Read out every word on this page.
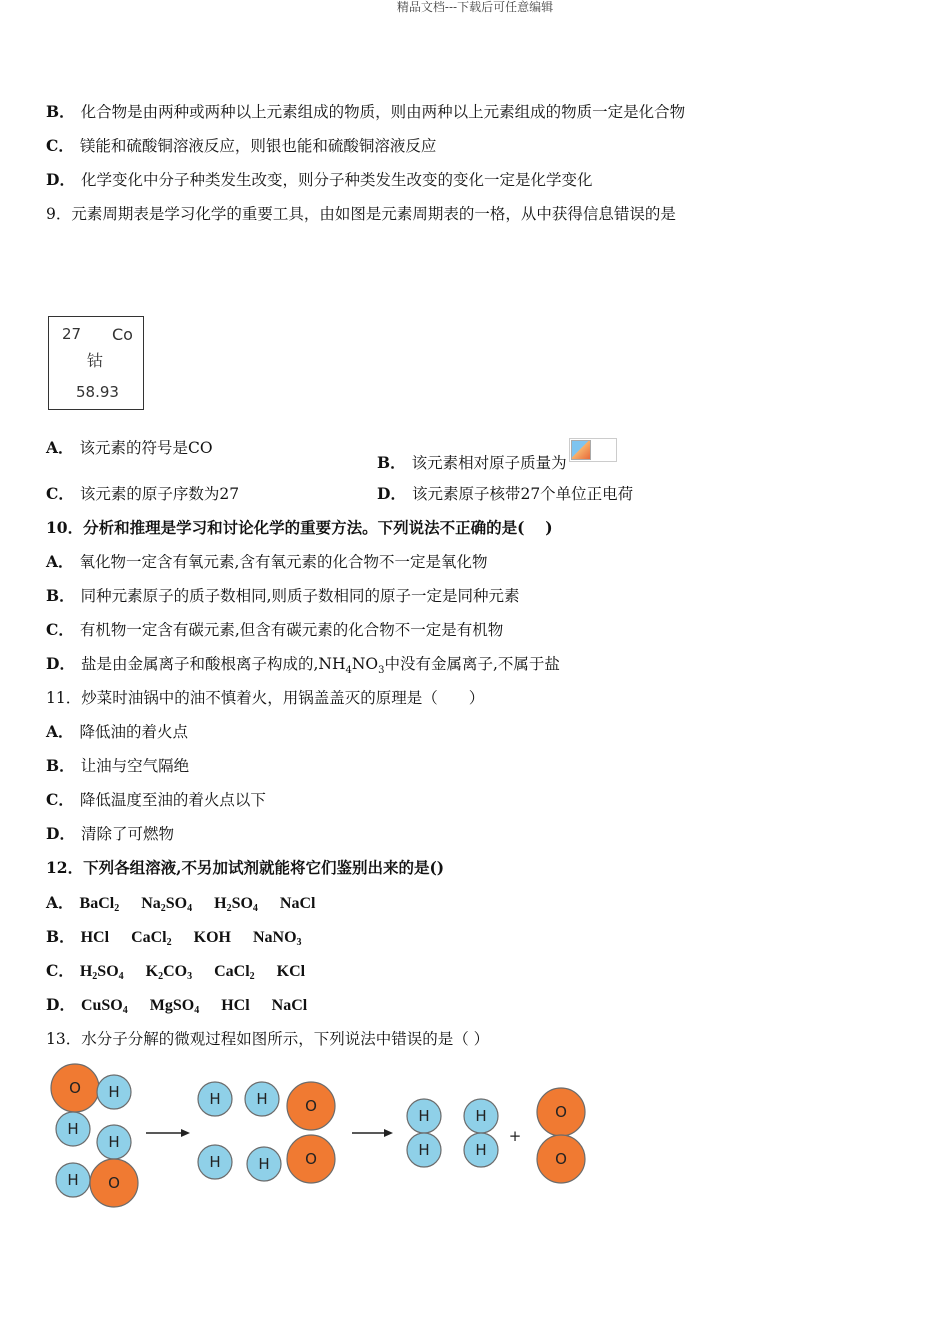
精品文档---下载后可任意编辑
B． 化合物是由两种或两种以上元素组成的物质，则由两种以上元素组成的物质一定是化合物
C． 镁能和硫酸铜溶液反应，则银也能和硫酸铜溶液反应
D． 化学变化中分子种类发生改变，则分子种类发生改变的变化一定是化学变化
9．元素周期表是学习化学的重要工具，由如图是元素周期表的一格，从中获得信息错误的是
27 Co
钴
58.93
A． 该元素的符号是CO
B． 该元素相对原子质量为
C． 该元素的原子序数为27	D． 该元素原子核带27个单位正电荷
10．分析和推理是学习和讨论化学的重要方法。下列说法不正确的是(　 )
A． 氧化物一定含有氧元素,含有氧元素的化合物不一定是氧化物
B． 同种元素原子的质子数相同,则质子数相同的原子一定是同种元素
C． 有机物一定含有碳元素,但含有碳元素的化合物不一定是有机物
D． 盐是由金属离子和酸根离子构成的$,NH_4NO_3$中没有金属离子,不属于盐
11．炒菜时油锅中的油不慎着火，用锅盖盖灭的原理是（　　）
A． 降低油的着火点
B． 让油与空气隔绝
C． 降低温度至油的着火点以下
D． 清除了可燃物
12．下列各组溶液,不另加试剂就能将它们鉴别出来的是()
A． BaCl$_2$ $Na_2SO_4$ $H_2SO_4$ NaCl
B． HCl CaCl$_2$ KOH NaNO$_3$
C． $H_2SO_4$ $K_2CO_3$ CaCl$_2$ KCl
D． CuSO$_4$ MgSO$_4$ HCl NaCl
13．水分子分解的微观过程如图所示，下列说法中错误的是（ ）
O H
H
H
H O
H H O
H	H O
H
H
H
H
O
O
+
